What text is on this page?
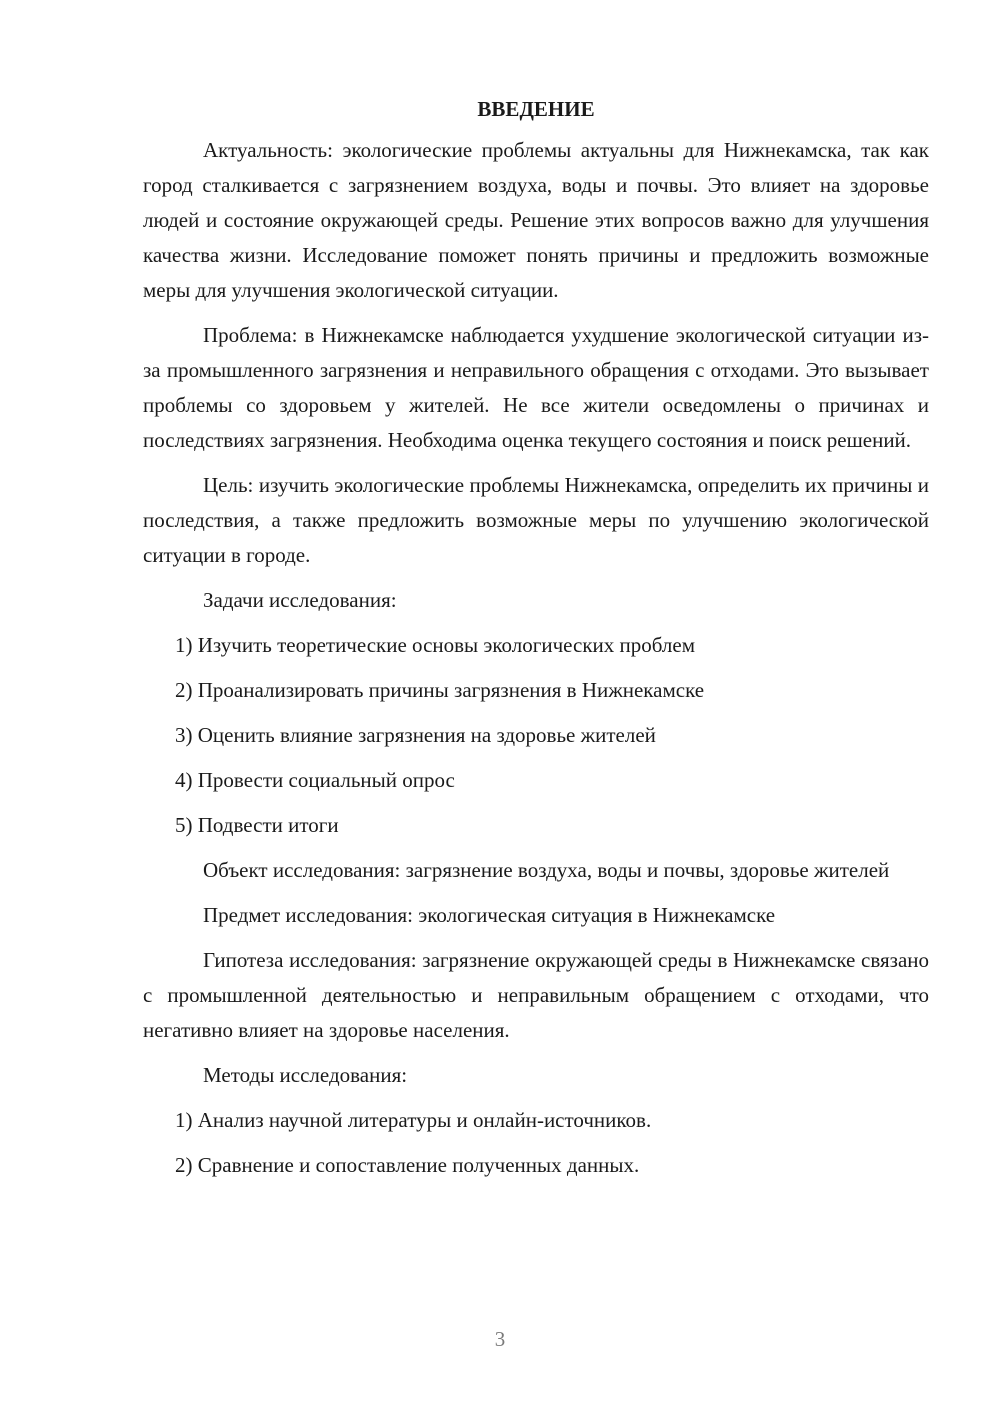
ВВЕДЕНИЕ
Актуальность: экологические проблемы актуальны для Нижнекамска, так как город сталкивается с загрязнением воздуха, воды и почвы. Это влияет на здоровье людей и состояние окружающей среды. Решение этих вопросов важно для улучшения качества жизни. Исследование поможет понять причины и предложить возможные меры для улучшения экологической ситуации.
Проблема: в Нижнекамске наблюдается ухудшение экологической ситуации из-за промышленного загрязнения и неправильного обращения с отходами. Это вызывает проблемы со здоровьем у жителей. Не все жители осведомлены о причинах и последствиях загрязнения. Необходима оценка текущего состояния и поиск решений.
Цель: изучить экологические проблемы Нижнекамска, определить их причины и последствия, а также предложить возможные меры по улучшению экологической ситуации в городе.
Задачи исследования:
1) Изучить теоретические основы экологических проблем
2) Проанализировать причины загрязнения в Нижнекамске
3) Оценить влияние загрязнения на здоровье жителей
4) Провести социальный опрос
5) Подвести итоги
Объект исследования: загрязнение воздуха, воды и почвы, здоровье жителей
Предмет исследования: экологическая ситуация в Нижнекамске
Гипотеза исследования: загрязнение окружающей среды в Нижнекамске связано с промышленной деятельностью и неправильным обращением с отходами, что негативно влияет на здоровье населения.
Методы исследования:
1) Анализ научной литературы и онлайн-источников.
2) Сравнение и сопоставление полученных данных.
3
